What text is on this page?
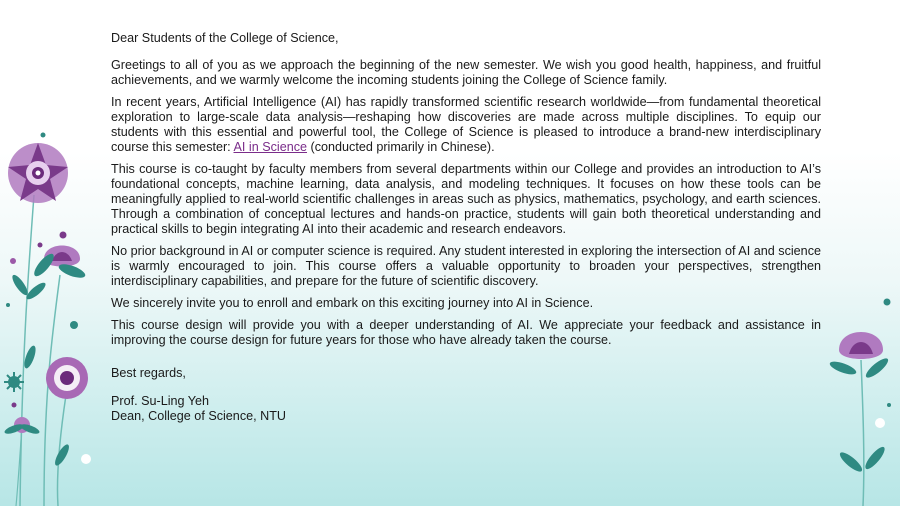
Dear Students of the College of Science,

Greetings to all of you as we approach the beginning of the new semester. We wish you good health, happiness, and fruitful achievements, and we warmly welcome the incoming students joining the College of Science family.

In recent years, Artificial Intelligence (AI) has rapidly transformed scientific research worldwide—from fundamental theoretical exploration to large-scale data analysis—reshaping how discoveries are made across multiple disciplines. To equip our students with this essential and powerful tool, the College of Science is pleased to introduce a brand-new interdisciplinary course this semester: AI in Science (conducted primarily in Chinese).

This course is co-taught by faculty members from several departments within our College and provides an introduction to AI’s foundational concepts, machine learning, data analysis, and modeling techniques. It focuses on how these tools can be meaningfully applied to real-world scientific challenges in areas such as physics, mathematics, psychology, and earth sciences. Through a combination of conceptual lectures and hands-on practice, students will gain both theoretical understanding and practical skills to begin integrating AI into their academic and research endeavors.

No prior background in AI or computer science is required. Any student interested in exploring the intersection of AI and science is warmly encouraged to join. This course offers a valuable opportunity to broaden your perspectives, strengthen interdisciplinary capabilities, and prepare for the future of scientific discovery.

We sincerely invite you to enroll and embark on this exciting journey into AI in Science.

This course design will provide you with a deeper understanding of AI. We appreciate your feedback and assistance in improving the course design for future years for those who have already taken the course.

Best regards,

Prof. Su-Ling Yeh

Dean, College of Science, NTU
